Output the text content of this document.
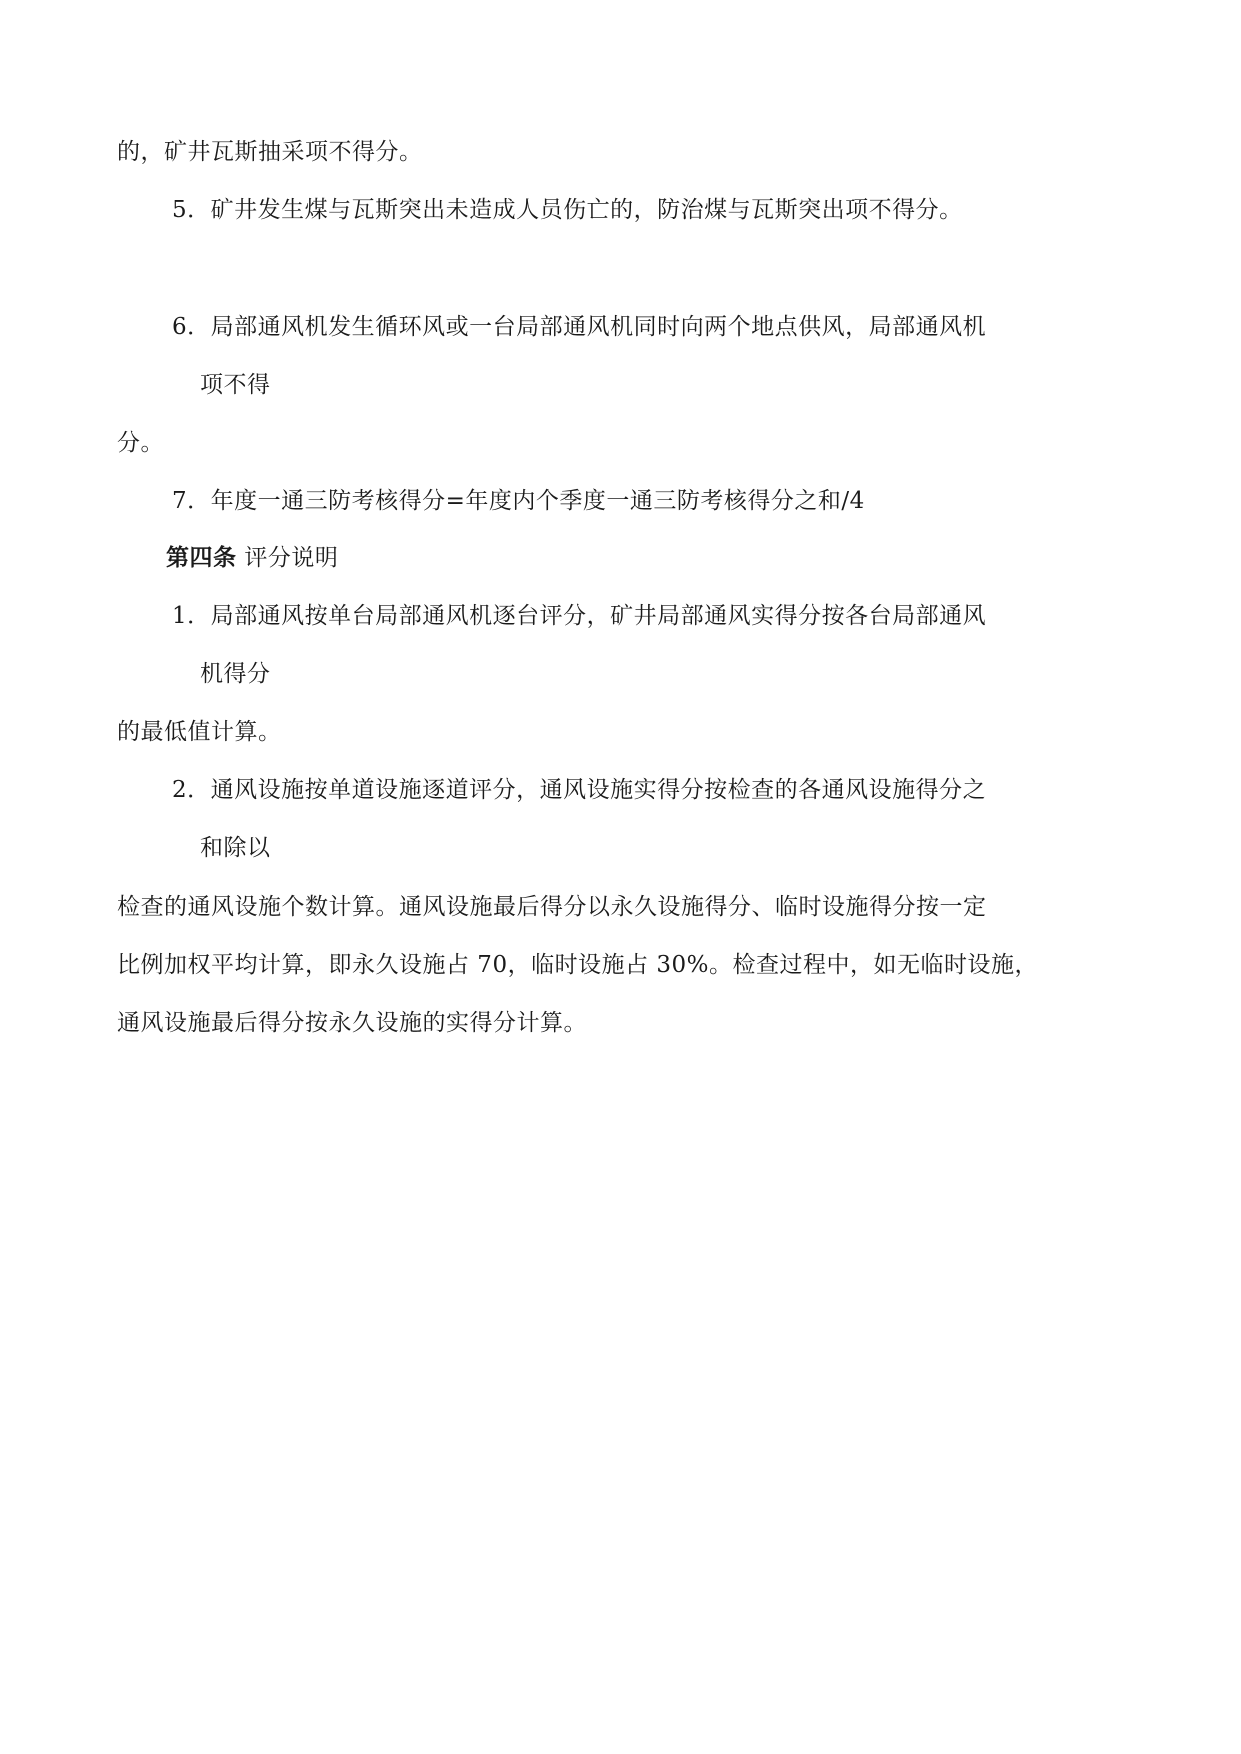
的，矿井瓦斯抽采项不得分。
5．矿井发生煤与瓦斯突出未造成人员伤亡的，防治煤与瓦斯突出项不得分。
6．局部通风机发生循环风或一台局部通风机同时向两个地点供风，局部通风机
项不得
分。
7．年度一通三防考核得分=年度内个季度一通三防考核得分之和/4
第四条 评分说明
1．局部通风按单台局部通风机逐台评分，矿井局部通风实得分按各台局部通风
机得分
的最低值计算。
2．通风设施按单道设施逐道评分，通风设施实得分按检查的各通风设施得分之
和除以
检查的通风设施个数计算。通风设施最后得分以永久设施得分、临时设施得分按一定
比例加权平均计算，即永久设施占 70，临时设施占 30%。检查过程中，如无临时设施，
通风设施最后得分按永久设施的实得分计算。
